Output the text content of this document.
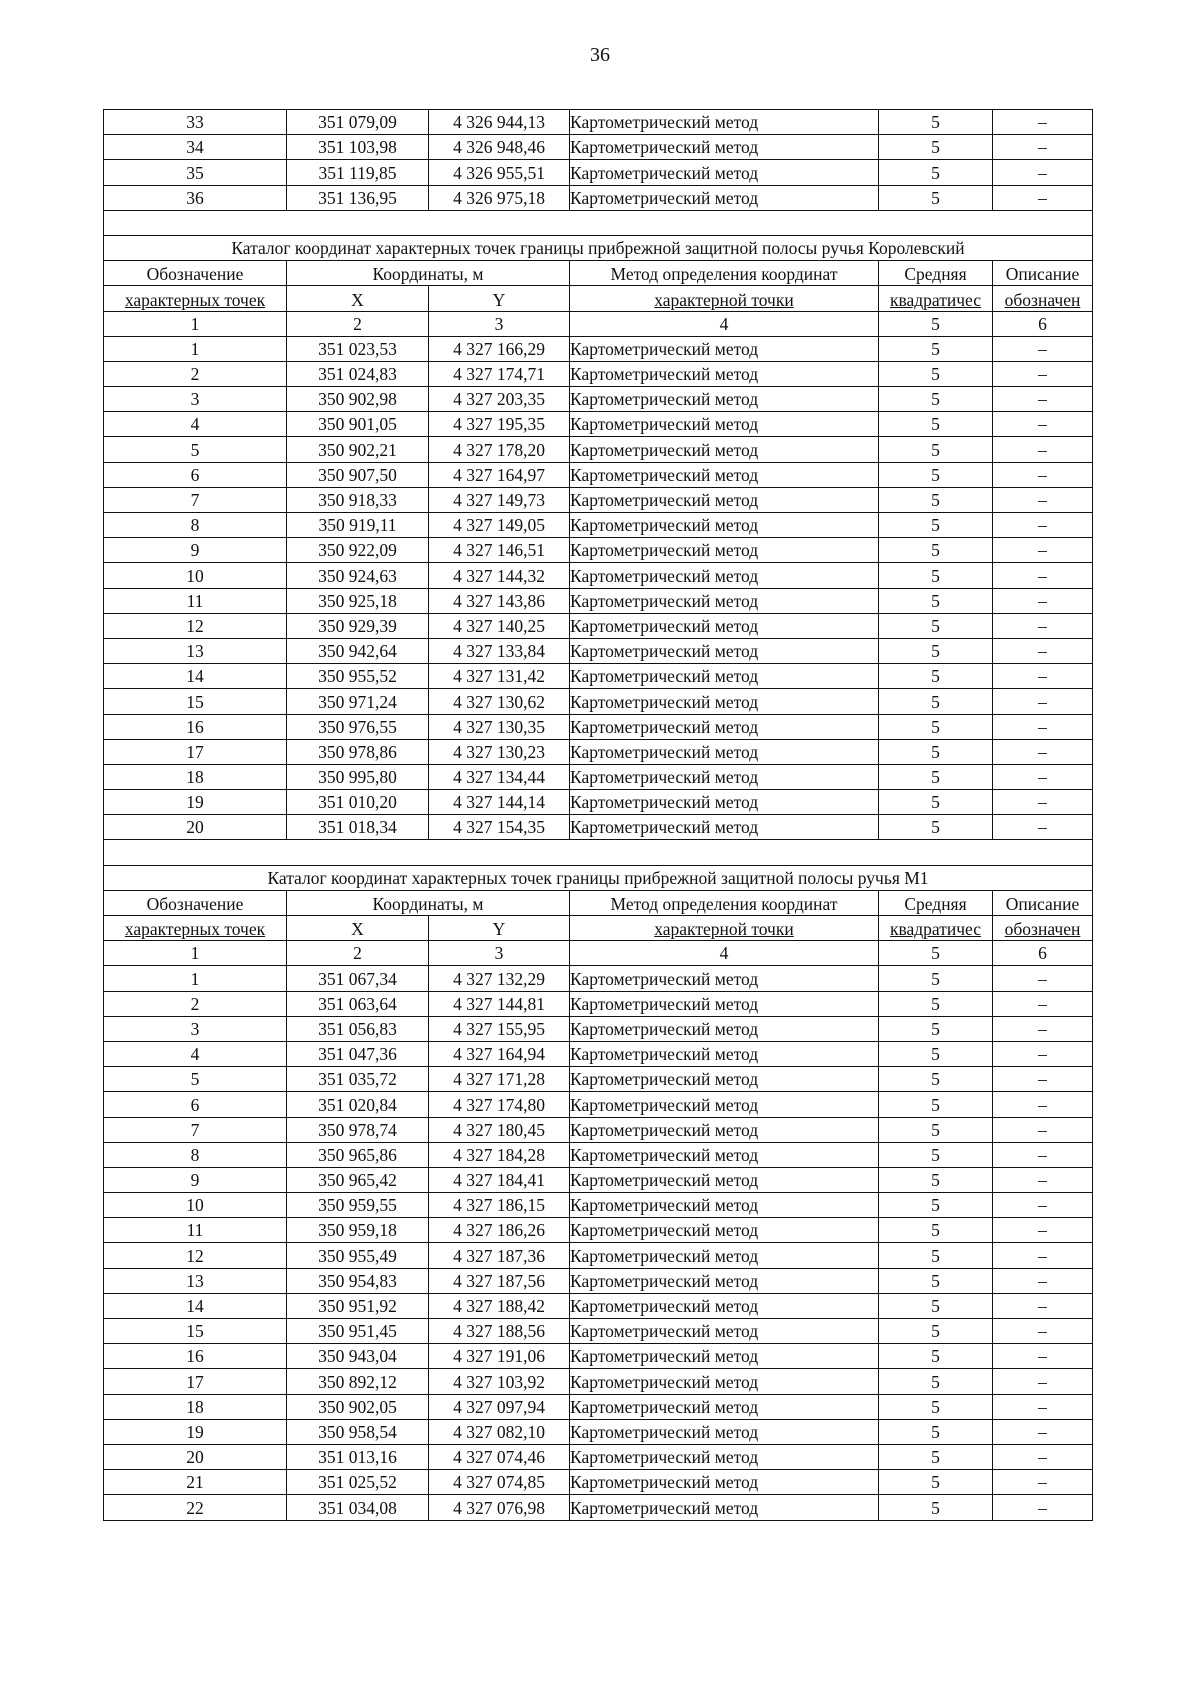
36
33	351 079,09	4 326 944,13	Картометрический метод	5	–
34	351 103,98	4 326 948,46	Картометрический метод	5	–
35	351 119,85	4 326 955,51	Картометрический метод	5	–
36	351 136,95	4 326 975,18	Картометрический метод	5	–

Каталог координат характерных точек границы прибрежной защитной полосы ручья Королевский					
Обозначение	Координаты, м		Метод определения координат	Средняя	Описание
характерных точек	X	Y	характерной точки	квадратичес	обозначен
1	2	3	4	5	6
1	351 023,53	4 327 166,29	Картометрический метод	5	–
2	351 024,83	4 327 174,71	Картометрический метод	5	–
3	350 902,98	4 327 203,35	Картометрический метод	5	–
4	350 901,05	4 327 195,35	Картометрический метод	5	–
5	350 902,21	4 327 178,20	Картометрический метод	5	–
6	350 907,50	4 327 164,97	Картометрический метод	5	–
7	350 918,33	4 327 149,73	Картометрический метод	5	–
8	350 919,11	4 327 149,05	Картометрический метод	5	–
9	350 922,09	4 327 146,51	Картометрический метод	5	–
10	350 924,63	4 327 144,32	Картометрический метод	5	–
11	350 925,18	4 327 143,86	Картометрический метод	5	–
12	350 929,39	4 327 140,25	Картометрический метод	5	–
13	350 942,64	4 327 133,84	Картометрический метод	5	–
14	350 955,52	4 327 131,42	Картометрический метод	5	–
15	350 971,24	4 327 130,62	Картометрический метод	5	–
16	350 976,55	4 327 130,35	Картометрический метод	5	–
17	350 978,86	4 327 130,23	Картометрический метод	5	–
18	350 995,80	4 327 134,44	Картометрический метод	5	–
19	351 010,20	4 327 144,14	Картометрический метод	5	–
20	351 018,34	4 327 154,35	Картометрический метод	5	–

Каталог координат характерных точек границы прибрежной защитной полосы ручья М1					
Обозначение	Координаты, м		Метод определения координат	Средняя	Описание
характерных точек	X	Y	характерной точки	квадратичес	обозначен
1	2	3	4	5	6
1	351 067,34	4 327 132,29	Картометрический метод	5	–
2	351 063,64	4 327 144,81	Картометрический метод	5	–
3	351 056,83	4 327 155,95	Картометрический метод	5	–
4	351 047,36	4 327 164,94	Картометрический метод	5	–
5	351 035,72	4 327 171,28	Картометрический метод	5	–
6	351 020,84	4 327 174,80	Картометрический метод	5	–
7	350 978,74	4 327 180,45	Картометрический метод	5	–
8	350 965,86	4 327 184,28	Картометрический метод	5	–
9	350 965,42	4 327 184,41	Картометрический метод	5	–
10	350 959,55	4 327 186,15	Картометрический метод	5	–
11	350 959,18	4 327 186,26	Картометрический метод	5	–
12	350 955,49	4 327 187,36	Картометрический метод	5	–
13	350 954,83	4 327 187,56	Картометрический метод	5	–
14	350 951,92	4 327 188,42	Картометрический метод	5	–
15	350 951,45	4 327 188,56	Картометрический метод	5	–
16	350 943,04	4 327 191,06	Картометрический метод	5	–
17	350 892,12	4 327 103,92	Картометрический метод	5	–
18	350 902,05	4 327 097,94	Картометрический метод	5	–
19	350 958,54	4 327 082,10	Картометрический метод	5	–
20	351 013,16	4 327 074,46	Картометрический метод	5	–
21	351 025,52	4 327 074,85	Картометрический метод	5	–
22	351 034,08	4 327 076,98	Картометрический метод	5	–
